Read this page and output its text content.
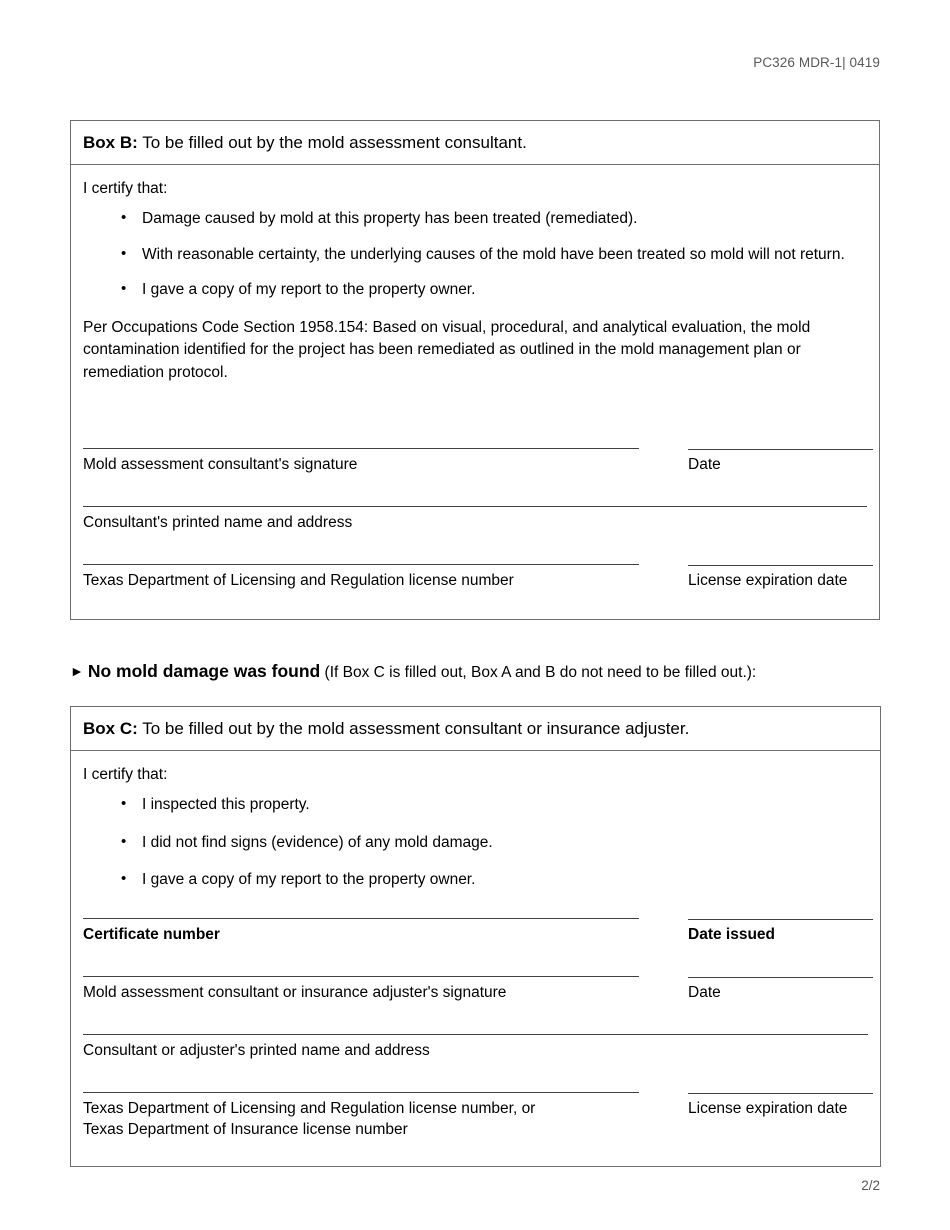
PC326 MDR-1| 0419
Box B: To be filled out by the mold assessment consultant.

I certify that:

• Damage caused by mold at this property has been treated (remediated).
• With reasonable certainty, the underlying causes of the mold have been treated so mold will not return.
• I gave a copy of my report to the property owner.

Per Occupations Code Section 1958.154: Based on visual, procedural, and analytical evaluation, the mold contamination identified for the project has been remediated as outlined in the mold management plan or remediation protocol.

Mold assessment consultant's signature	Date
Consultant's printed name and address
Texas Department of Licensing and Regulation license number	License expiration date
► No mold damage was found (If Box C is filled out, Box A and B do not need to be filled out.):
Box C: To be filled out by the mold assessment consultant or insurance adjuster.

I certify that:

• I inspected this property.
• I did not find signs (evidence) of any mold damage.
• I gave a copy of my report to the property owner.
Certificate number	Date issued
Mold assessment consultant or insurance adjuster's signature	Date
Consultant or adjuster's printed name and address
Texas Department of Licensing and Regulation license number, or	License expiration date
Texas Department of Insurance license number
2/2
